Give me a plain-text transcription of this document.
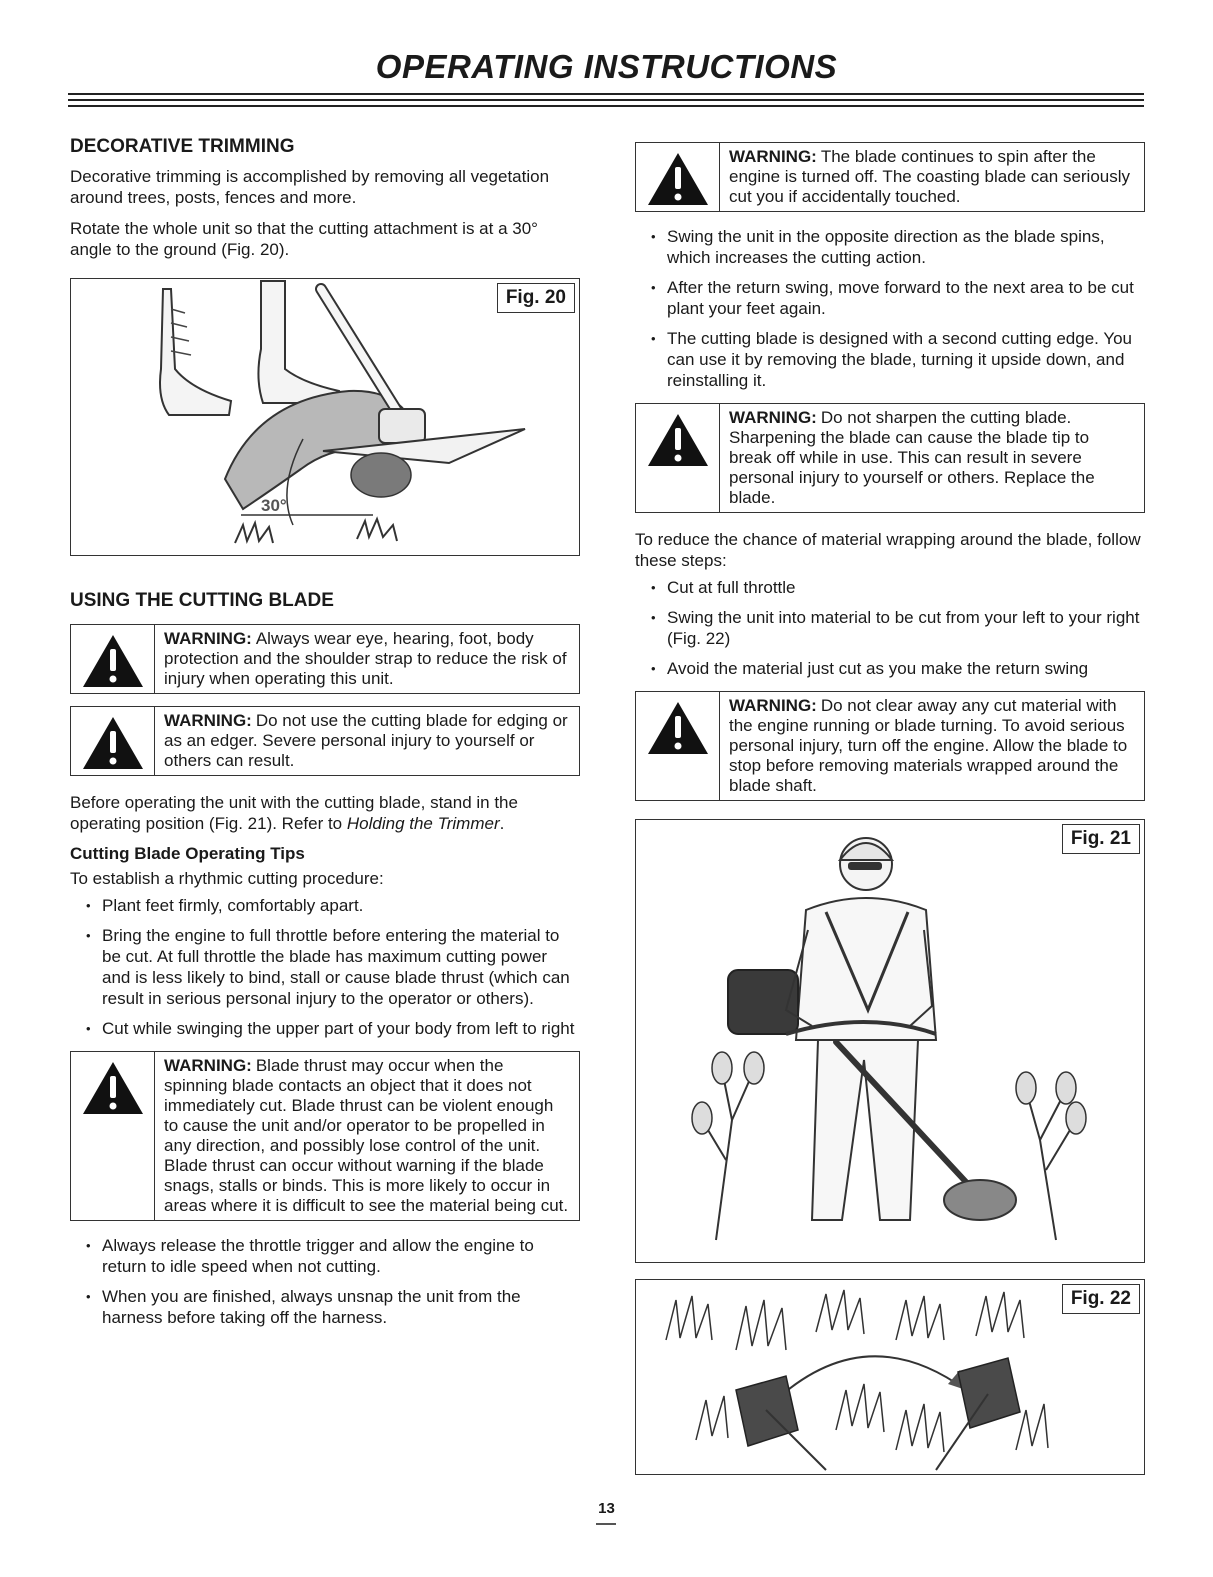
OPERATING INSTRUCTIONS
DECORATIVE TRIMMING

Decorative trimming is accomplished by removing all vegetation around trees, posts, fences and more.

Rotate the whole unit so that the cutting attachment is at a 30° angle to the ground (Fig. 20).

Fig. 20
30°
USING THE CUTTING BLADE
WARNING: Always wear eye, hearing, foot, body protection and the shoulder strap to reduce the risk of injury when operating this unit.
WARNING: Do not use the cutting blade for edging or as an edger. Severe personal injury to yourself or others can result.

Before operating the unit with the cutting blade, stand in the operating position (Fig. 21). Refer to Holding the Trimmer.

Cutting Blade Operating Tips

To establish a rhythmic cutting procedure:

• Plant feet firmly, comfortably apart.
• Bring the engine to full throttle before entering the material to be cut. At full throttle the blade has maximum cutting power and is less likely to bind, stall or cause blade thrust (which can result in serious personal injury to the operator or others).
• Cut while swinging the upper part of your body from left to right
WARNING: Blade thrust may occur when the spinning blade contacts an object that it does not immediately cut. Blade thrust can be violent enough to cause the unit and/or operator to be propelled in any direction, and possibly lose control of the unit. Blade thrust can occur without warning if the blade snags, stalls or binds. This is more likely to occur in areas where it is difficult to see the material being cut.
• Always release the throttle trigger and allow the engine to return to idle speed when not cutting.
• When you are finished, always unsnap the unit from the harness before taking off the harness.
WARNING: The blade continues to spin after the engine is turned off. The coasting blade can seriously cut you if accidentally touched.
• Swing the unit in the opposite direction as the blade spins, which increases the cutting action.
• After the return swing, move forward to the next area to be cut plant your feet again.
• The cutting blade is designed with a second cutting edge. You can use it by removing the blade, turning it upside down, and reinstalling it.
WARNING: Do not sharpen the cutting blade. Sharpening the blade can cause the blade tip to break off while in use. This can result in severe personal injury to yourself or others. Replace the blade.

To reduce the chance of material wrapping around the blade, follow these steps:

• Cut at full throttle
• Swing the unit into material to be cut from your left to your right (Fig. 22)
• Avoid the material just cut as you make the return swing
WARNING: Do not clear away any cut material with the engine running or blade turning. To avoid serious personal injury, turn off the engine. Allow the blade to stop before removing materials wrapped around the blade shaft.
Fig. 21
Fig. 22
13
